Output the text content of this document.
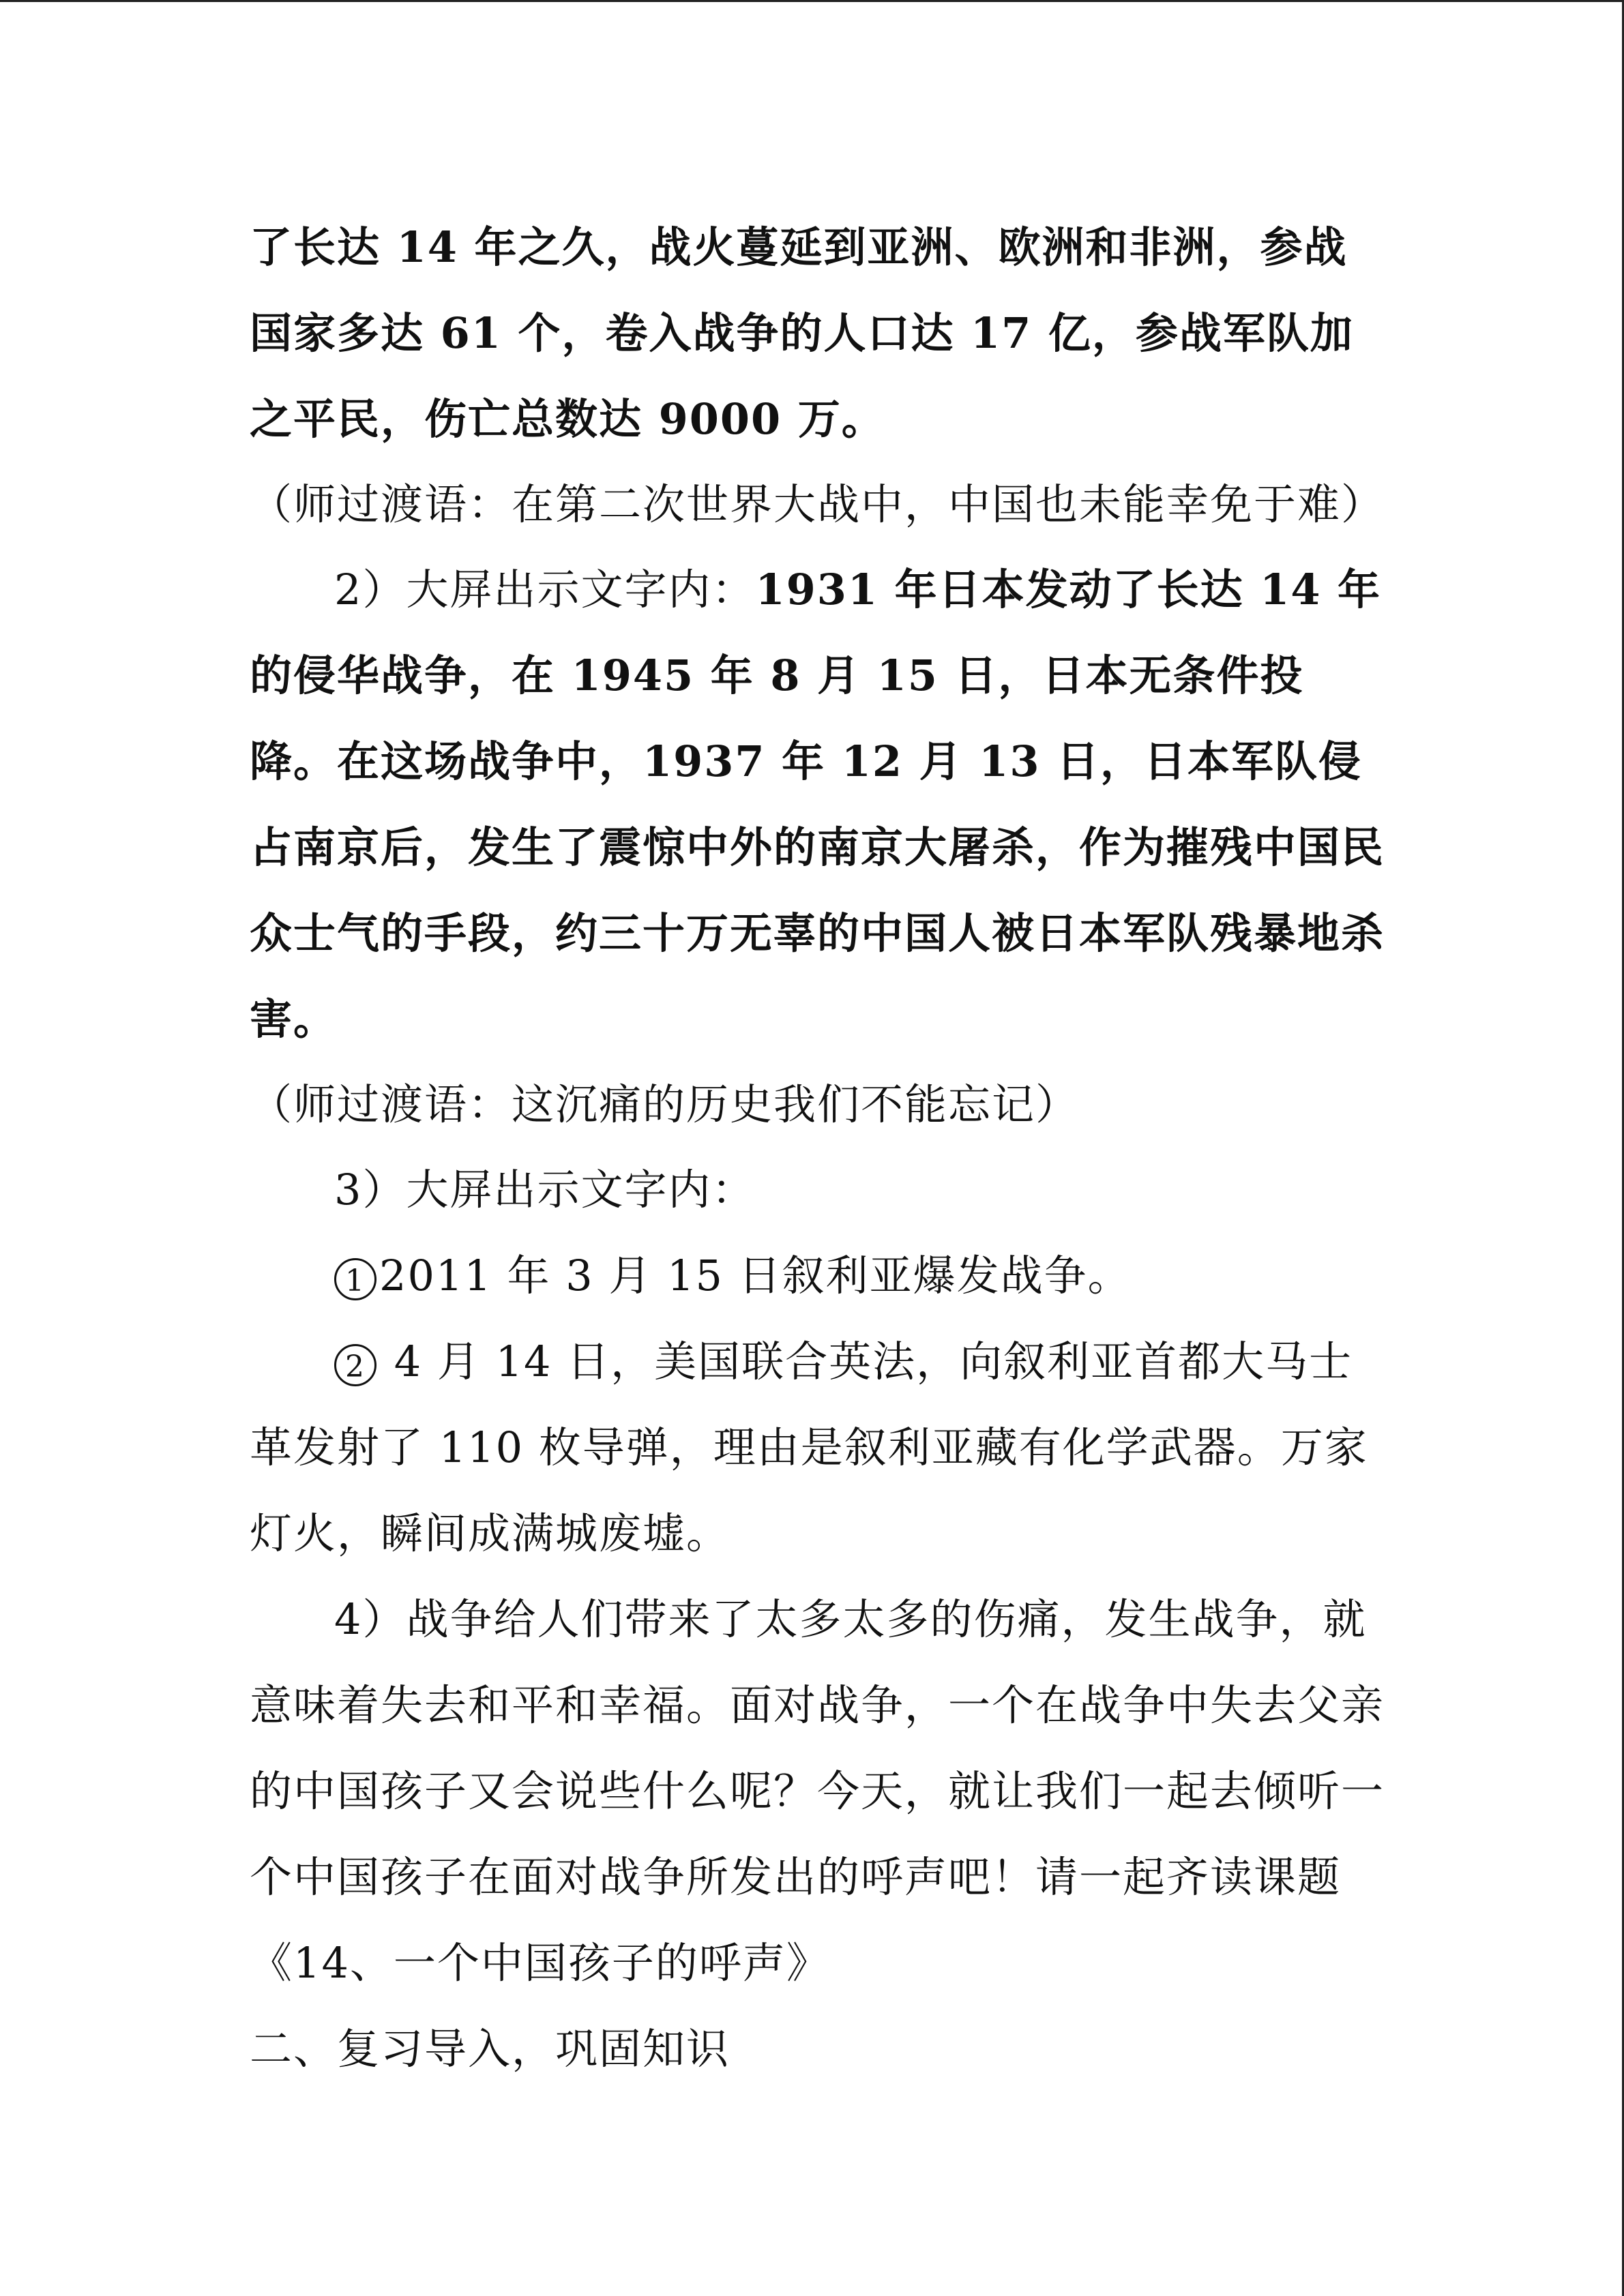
了长达 14 年之久，战火蔓延到亚洲、欧洲和非洲，参战国家多达 61 个，卷入战争的人口达 17 亿，参战军队加之平民，伤亡总数达 9000 万。

（师过渡语：在第二次世界大战中，中国也未能幸免于难）

2）大屏出示文字内：1931 年日本发动了长达 14 年的侵华战争，在 1945 年 8 月 15 日，日本无条件投降。在这场战争中，1937 年 12 月 13 日，日本军队侵占南京后，发生了震惊中外的南京大屠杀，作为摧残中国民众士气的手段，约三十万无辜的中国人被日本军队残暴地杀害。

（师过渡语：这沉痛的历史我们不能忘记）

3）大屏出示文字内：

1 2011 年 3 月 15 日叙利亚爆发战争。

2 4 月 14 日，美国联合英法，向叙利亚首都大马士革发射了 110 枚导弹，理由是叙利亚藏有化学武器。万家灯火，瞬间成满城废墟。

4）战争给人们带来了太多太多的伤痛，发生战争，就意味着失去和平和幸福。面对战争，一个在战争中失去父亲的中国孩子又会说些什么呢？今天，就让我们一起去倾听一个中国孩子在面对战争所发出的呼声吧！请一起齐读课题《14、一个中国孩子的呼声》

二、复习导入，巩固知识
